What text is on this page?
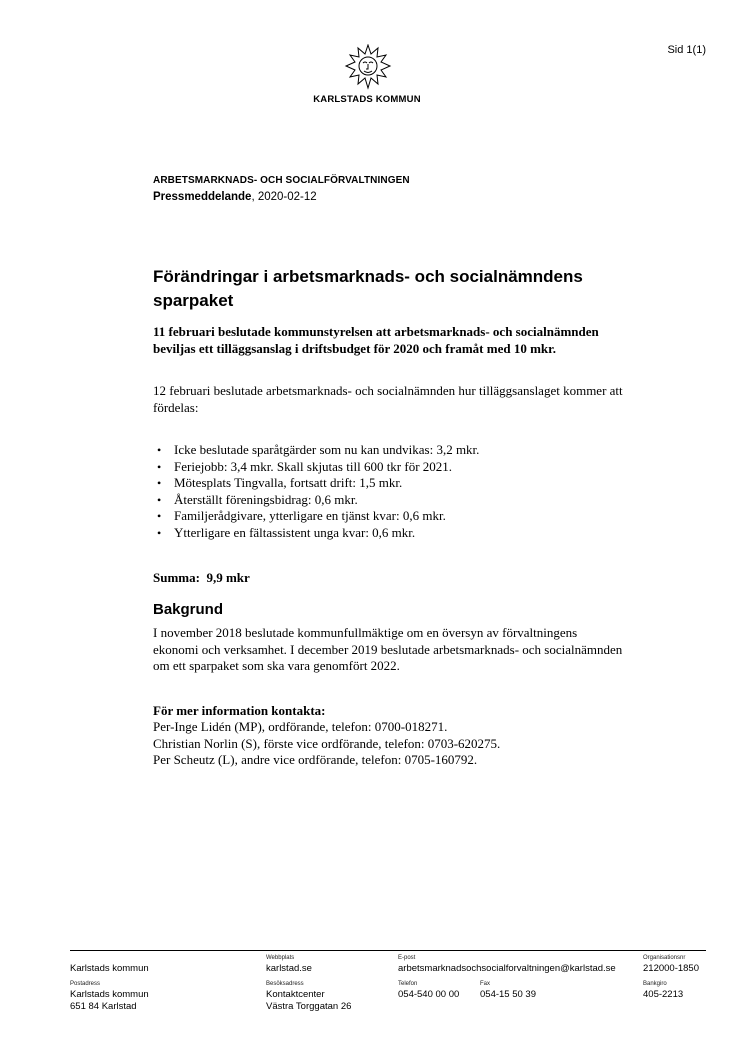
Sid 1(1)
KARLSTADS KOMMUN
ARBETSMARKNADS- OCH SOCIALFÖRVALTNINGEN
Pressmeddelande, 2020-02-12
Förändringar i arbetsmarknads- och socialnämndens sparpaket
11 februari beslutade kommunstyrelsen att arbetsmarknads- och socialnämnden beviljas ett tilläggsanslag i driftsbudget för 2020 och framåt med 10 mkr.
12 februari beslutade arbetsmarknads- och socialnämnden hur tilläggsanslaget kommer att fördelas:
• Icke beslutade sparåtgärder som nu kan undvikas: 3,2 mkr.
• Feriejobb: 3,4 mkr. Skall skjutas till 600 tkr för 2021.
• Mötesplats Tingvalla, fortsatt drift: 1,5 mkr.
• Återställt föreningsbidrag: 0,6 mkr.
• Familjerådgivare, ytterligare en tjänst kvar: 0,6 mkr.
• Ytterligare en fältassistent unga kvar: 0,6 mkr.
Summa:  9,9 mkr
Bakgrund
I november 2018 beslutade kommunfullmäktige om en översyn av förvaltningens ekonomi och verksamhet. I december 2019 beslutade arbetsmarknads- och socialnämnden om ett sparpaket som ska vara genomfört 2022.
För mer information kontakta:
Per-Inge Lidén (MP), ordförande, telefon: 0700-018271.
Christian Norlin (S), förste vice ordförande, telefon: 0703-620275.
Per Scheutz (L), andre vice ordförande, telefon: 0705-160792.
Karlstads kommun
Webbplats
karlstad.se
E-post
arbetsmarknadsochsocialforvaltningen@karlstad.se
Organisationsnr
212000-1850
Postadress
Karlstads kommun
651 84 Karlstad
Besöksadress
Kontaktcenter
Västra Torggatan 26
Telefon
054-540 00 00
Fax
054-15 50 39
Bankgiro
405-2213
